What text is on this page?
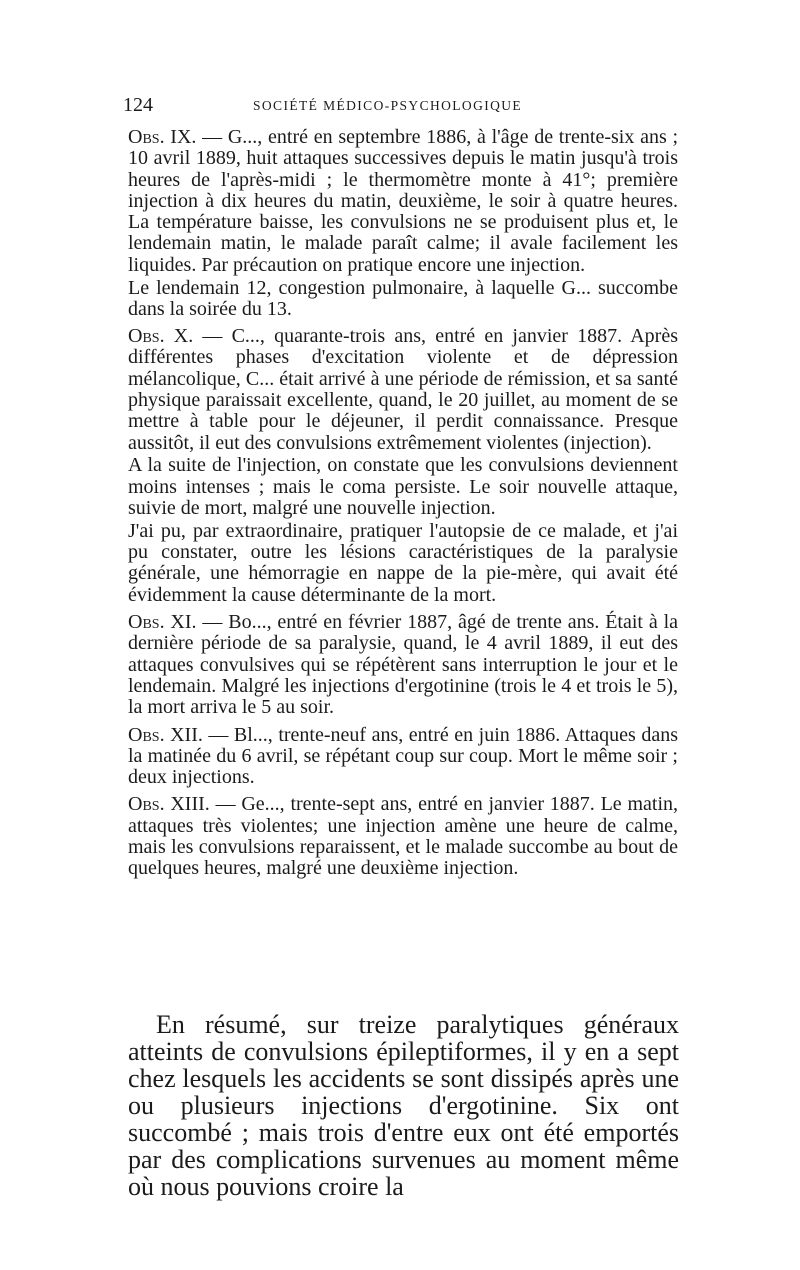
124	SOCIÉTÉ MÉDICO-PSYCHOLOGIQUE

Obs. IX. — G..., entré en septembre 1886, à l'âge de trente-six ans ; 10 avril 1889, huit attaques successives depuis le matin jusqu'à trois heures de l'après-midi ; le thermomètre monte à 41°; première injection à dix heures du matin, deuxième, le soir à quatre heures. La température baisse, les convulsions ne se produisent plus et, le lendemain matin, le malade paraît calme; il avale facilement les liquides. Par précaution on pratique encore une injection.

Le lendemain 12, congestion pulmonaire, à laquelle G... succombe dans la soirée du 13.

Obs. X. — C..., quarante-trois ans, entré en janvier 1887. Après différentes phases d'excitation violente et de dépression mélancolique, C... était arrivé à une période de rémission, et sa santé physique paraissait excellente, quand, le 20 juillet, au moment de se mettre à table pour le déjeuner, il perdit connaissance. Presque aussitôt, il eut des convulsions extrêmement violentes (injection).

A la suite de l'injection, on constate que les convulsions deviennent moins intenses ; mais le coma persiste. Le soir nouvelle attaque, suivie de mort, malgré une nouvelle injection.

J'ai pu, par extraordinaire, pratiquer l'autopsie de ce malade, et j'ai pu constater, outre les lésions caractéristiques de la paralysie générale, une hémorragie en nappe de la pie-mère, qui avait été évidemment la cause déterminante de la mort.

Obs. XI. — Bo..., entré en février 1887, âgé de trente ans. Était à la dernière période de sa paralysie, quand, le 4 avril 1889, il eut des attaques convulsives qui se répétèrent sans interruption le jour et le lendemain. Malgré les injections d'ergotinine (trois le 4 et trois le 5), la mort arriva le 5 au soir.

Obs. XII. — Bl..., trente-neuf ans, entré en juin 1886. Attaques dans la matinée du 6 avril, se répétant coup sur coup. Mort le même soir ; deux injections.

Obs. XIII. — Ge..., trente-sept ans, entré en janvier 1887. Le matin, attaques très violentes; une injection amène une heure de calme, mais les convulsions reparaissent, et le malade succombe au bout de quelques heures, malgré une deuxième injection.

En résumé, sur treize paralytiques généraux atteints de convulsions épileptiformes, il y en a sept chez lesquels les accidents se sont dissipés après une ou plusieurs injections d'ergotinine. Six ont succombé ; mais trois d'entre eux ont été emportés par des complications survenues au moment même où nous pouvions croire la
